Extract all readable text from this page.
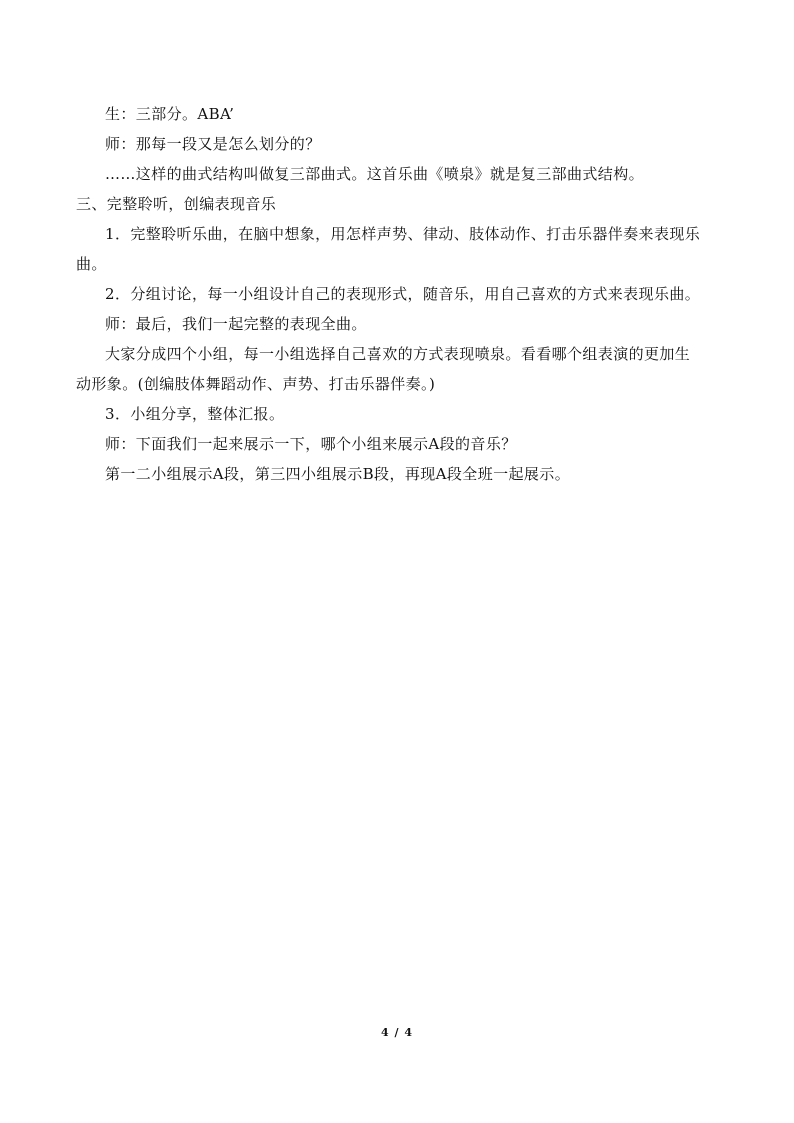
生：三部分。ABA’
师：那每一段又是怎么划分的？
……这样的曲式结构叫做复三部曲式。这首乐曲《喷泉》就是复三部曲式结构。
三、完整聆听，创编表现音乐
1．完整聆听乐曲，在脑中想象，用怎样声势、律动、肢体动作、打击乐器伴奏来表现乐
曲。
2．分组讨论，每一小组设计自己的表现形式，随音乐，用自己喜欢的方式来表现乐曲。
师：最后，我们一起完整的表现全曲。
大家分成四个小组，每一小组选择自己喜欢的方式表现喷泉。看看哪个组表演的更加生
动形象。(创编肢体舞蹈动作、声势、打击乐器伴奏。)
3．小组分享，整体汇报。
师：下面我们一起来展示一下，哪个小组来展示A段的音乐？
第一二小组展示A段，第三四小组展示B段，再现A段全班一起展示。
4 / 4
